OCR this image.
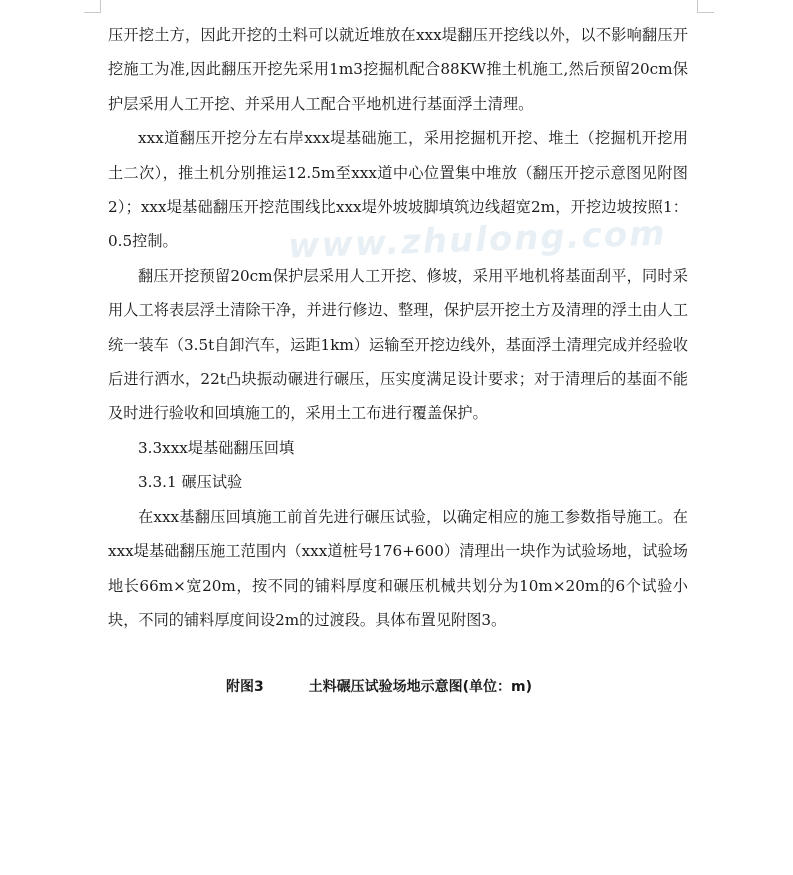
www.zhulong.com

压开挖土方，因此开挖的土料可以就近堆放在xxx堤翻压开挖线以外，以不影响翻压开挖施工为准,因此翻压开挖先采用1m3挖掘机配合88KW推土机施工,然后预留20cm保护层采用人工开挖、并采用人工配合平地机进行基面浮土清理。

xxx道翻压开挖分左右岸xxx堤基础施工，采用挖掘机开挖、堆土（挖掘机开挖用土二次），推土机分别推运12.5m至xxx道中心位置集中堆放（翻压开挖示意图见附图2）；xxx堤基础翻压开挖范围线比xxx堤外坡坡脚填筑边线超宽2m，开挖边坡按照1：0.5控制。

翻压开挖预留20cm保护层采用人工开挖、修坡，采用平地机将基面刮平，同时采用人工将表层浮土清除干净，并进行修边、整理，保护层开挖土方及清理的浮土由人工统一装车（3.5t自卸汽车，运距1km）运输至开挖边线外，基面浮土清理完成并经验收后进行洒水，22t凸块振动碾进行碾压，压实度满足设计要求；对于清理后的基面不能及时进行验收和回填施工的，采用土工布进行覆盖保护。

3.3xxx堤基础翻压回填

3.3.1 碾压试验

在xxx基翻压回填施工前首先进行碾压试验，以确定相应的施工参数指导施工。在xxx堤基础翻压施工范围内（xxx道桩号176+600）清理出一块作为试验场地，试验场地长66m×宽20m，按不同的铺料厚度和碾压机械共划分为10m×20m的6个试验小块，不同的铺料厚度间设2m的过渡段。具体布置见附图3。

附图3	土料碾压试验场地示意图(单位：m)
